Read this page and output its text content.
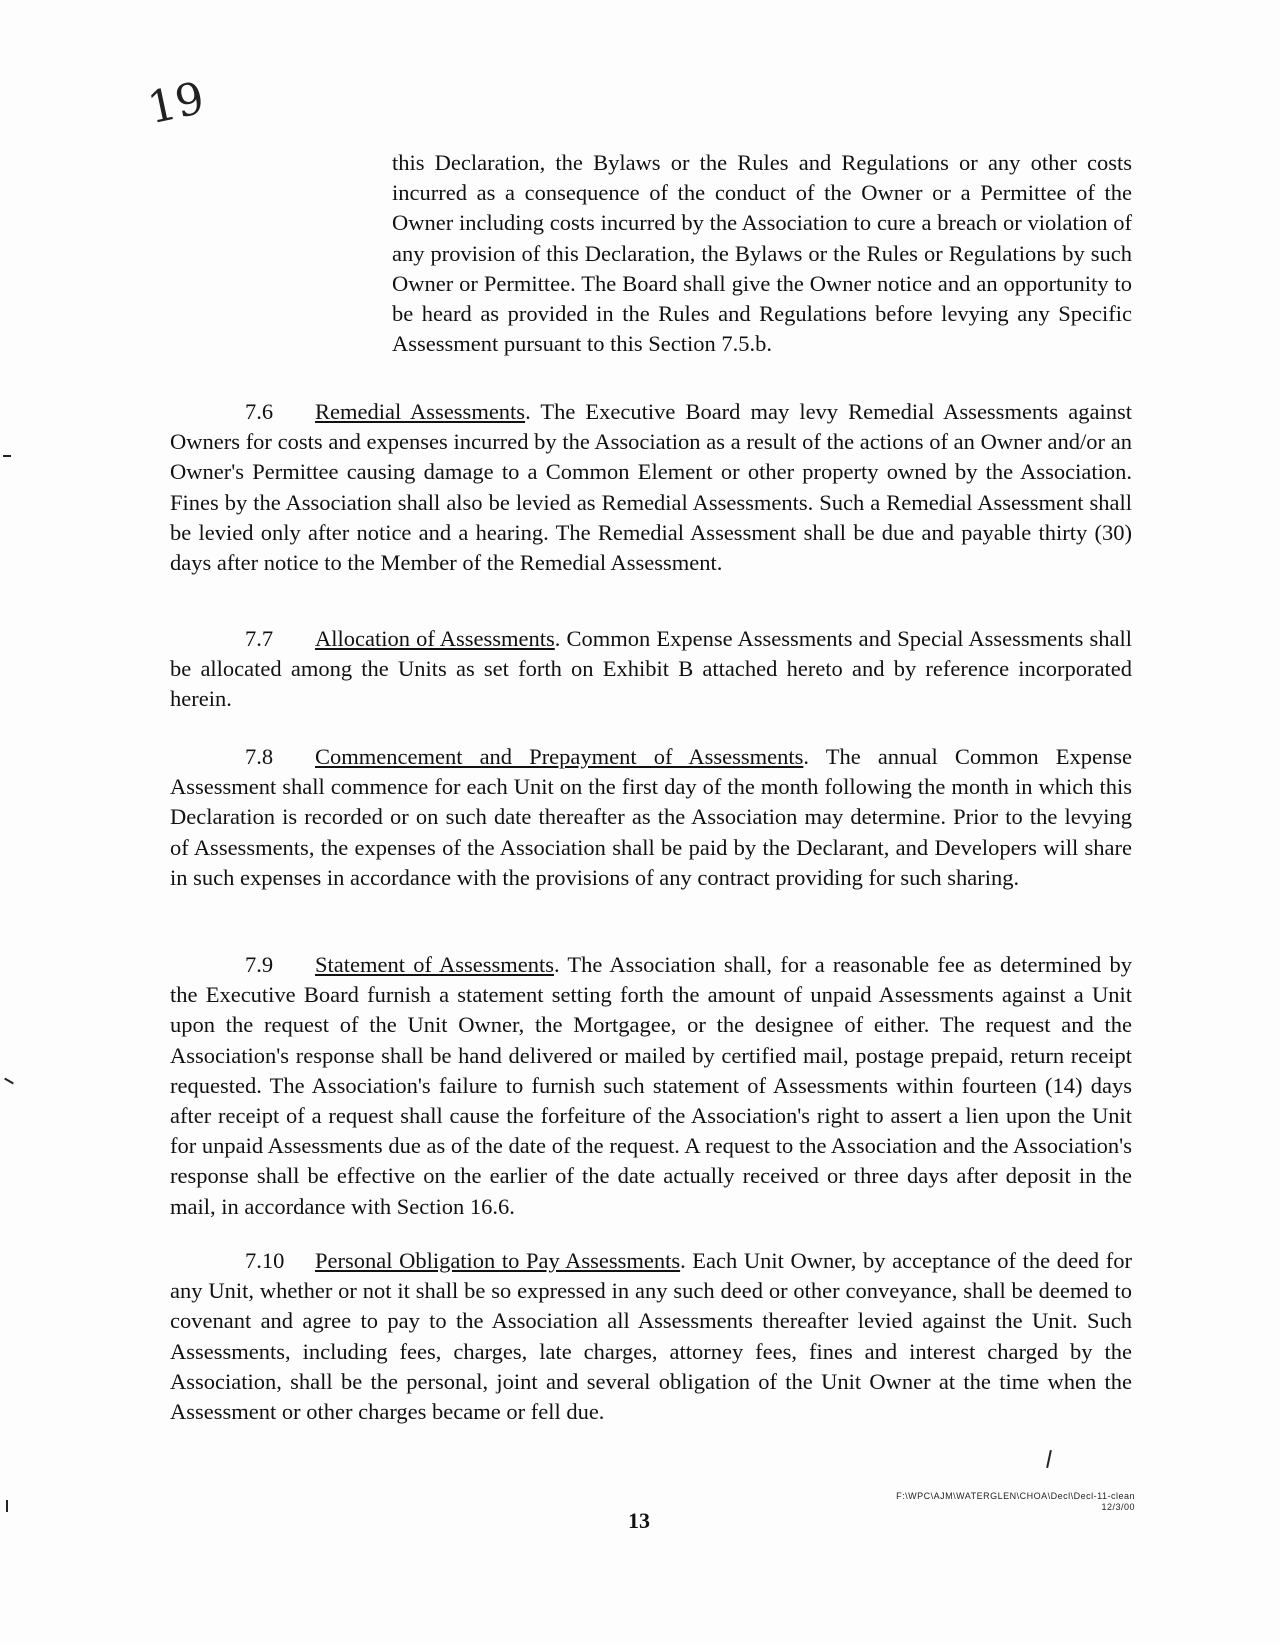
19
this Declaration, the Bylaws or the Rules and Regulations or any other costs incurred as a consequence of the conduct of the Owner or a Permittee of the Owner including costs incurred by the Association to cure a breach or violation of any provision of this Declaration, the Bylaws or the Rules or Regulations by such Owner or Permittee. The Board shall give the Owner notice and an opportunity to be heard as provided in the Rules and Regulations before levying any Specific Assessment pursuant to this Section 7.5.b.
7.6 Remedial Assessments. The Executive Board may levy Remedial Assessments against Owners for costs and expenses incurred by the Association as a result of the actions of an Owner and/or an Owner's Permittee causing damage to a Common Element or other property owned by the Association. Fines by the Association shall also be levied as Remedial Assessments. Such a Remedial Assessment shall be levied only after notice and a hearing. The Remedial Assessment shall be due and payable thirty (30) days after notice to the Member of the Remedial Assessment.
7.7 Allocation of Assessments. Common Expense Assessments and Special Assessments shall be allocated among the Units as set forth on Exhibit B attached hereto and by reference incorporated herein.
7.8 Commencement and Prepayment of Assessments. The annual Common Expense Assessment shall commence for each Unit on the first day of the month following the month in which this Declaration is recorded or on such date thereafter as the Association may determine. Prior to the levying of Assessments, the expenses of the Association shall be paid by the Declarant, and Developers will share in such expenses in accordance with the provisions of any contract providing for such sharing.
7.9 Statement of Assessments. The Association shall, for a reasonable fee as determined by the Executive Board furnish a statement setting forth the amount of unpaid Assessments against a Unit upon the request of the Unit Owner, the Mortgagee, or the designee of either. The request and the Association's response shall be hand delivered or mailed by certified mail, postage prepaid, return receipt requested. The Association's failure to furnish such statement of Assessments within fourteen (14) days after receipt of a request shall cause the forfeiture of the Association's right to assert a lien upon the Unit for unpaid Assessments due as of the date of the request. A request to the Association and the Association's response shall be effective on the earlier of the date actually received or three days after deposit in the mail, in accordance with Section 16.6.
7.10 Personal Obligation to Pay Assessments. Each Unit Owner, by acceptance of the deed for any Unit, whether or not it shall be so expressed in any such deed or other conveyance, shall be deemed to covenant and agree to pay to the Association all Assessments thereafter levied against the Unit. Such Assessments, including fees, charges, late charges, attorney fees, fines and interest charged by the Association, shall be the personal, joint and several obligation of the Unit Owner at the time when the Assessment or other charges became or fell due.
13
F:\WPC\AJM\WATERGLEN\CHOA\Decl\Decl-11-clean
12/3/00
